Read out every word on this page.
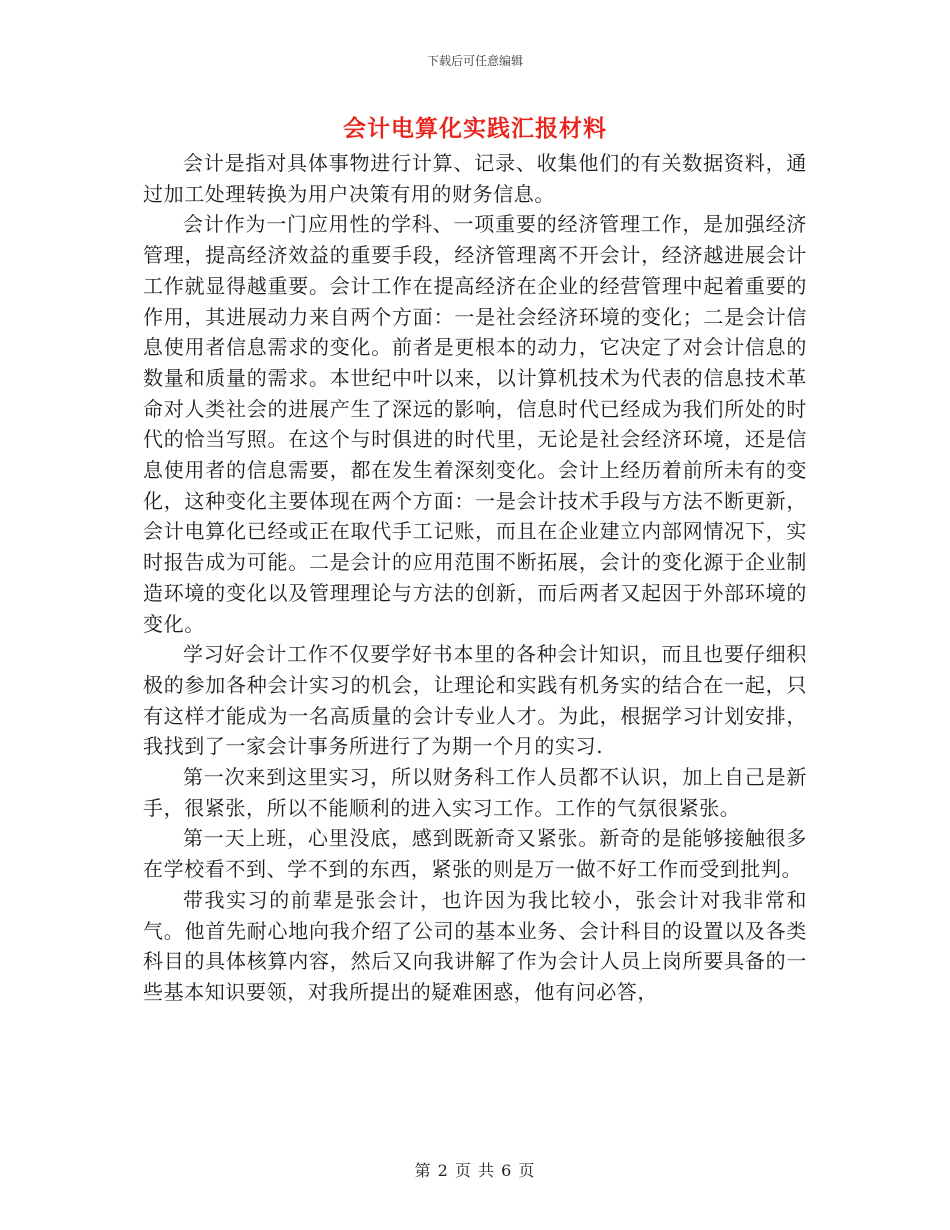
下载后可任意编辑
会计电算化实践汇报材料

会计是指对具体事物进行计算、记录、收集他们的有关数据资料，通过加工处理转换为用户决策有用的财务信息。

会计作为一门应用性的学科、一项重要的经济管理工作，是加强经济管理，提高经济效益的重要手段，经济管理离不开会计，经济越进展会计工作就显得越重要。会计工作在提高经济在企业的经营管理中起着重要的作用，其进展动力来自两个方面：一是社会经济环境的变化；二是会计信息使用者信息需求的变化。前者是更根本的动力，它决定了对会计信息的数量和质量的需求。本世纪中叶以来，以计算机技术为代表的信息技术革命对人类社会的进展产生了深远的影响，信息时代已经成为我们所处的时代的恰当写照。在这个与时俱进的时代里，无论是社会经济环境，还是信息使用者的信息需要，都在发生着深刻变化。会计上经历着前所未有的变化，这种变化主要体现在两个方面：一是会计技术手段与方法不断更新，会计电算化已经或正在取代手工记账，而且在企业建立内部网情况下，实时报告成为可能。二是会计的应用范围不断拓展，会计的变化源于企业制造环境的变化以及管理理论与方法的创新，而后两者又起因于外部环境的变化。

学习好会计工作不仅要学好书本里的各种会计知识，而且也要仔细积极的参加各种会计实习的机会，让理论和实践有机务实的结合在一起，只有这样才能成为一名高质量的会计专业人才。为此，根据学习计划安排，我找到了一家会计事务所进行了为期一个月的实习.

第一次来到这里实习，所以财务科工作人员都不认识，加上自己是新手，很紧张，所以不能顺利的进入实习工作。工作的气氛很紧张。

第一天上班，心里没底，感到既新奇又紧张。新奇的是能够接触很多在学校看不到、学不到的东西，紧张的则是万一做不好工作而受到批判。

带我实习的前辈是张会计，也许因为我比较小，张会计对我非常和气。他首先耐心地向我介绍了公司的基本业务、会计科目的设置以及各类科目的具体核算内容，然后又向我讲解了作为会计人员上岗所要具备的一些基本知识要领，对我所提出的疑难困惑，他有问必答，

第 2 页 共 6 页
